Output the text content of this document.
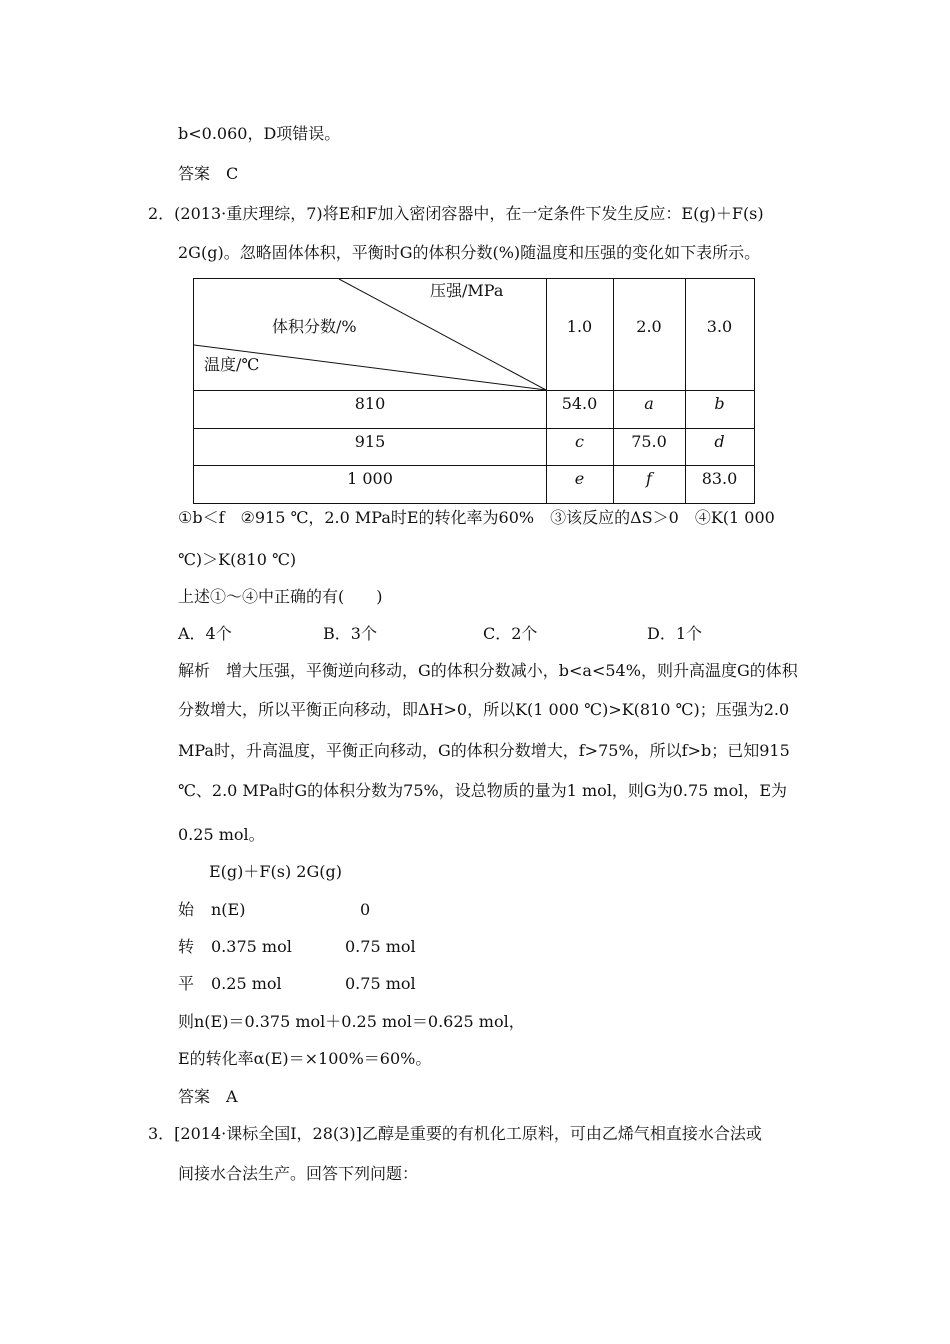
b<0.060，D项错误。
答案　C
2．(2013·重庆理综，7)将E和F加入密闭容器中，在一定条件下发生反应：E(g)＋F(s)
2G(g)。忽略固体体积，平衡时G的体积分数(%)随温度和压强的变化如下表所示。
压强/MPa
体积分数/%
温度/℃
1.0	2.0	3.0
810	54.0	a	b
915	c	75.0	d
1 000	e	f	83.0
①b＜f　②915 ℃，2.0 MPa时E的转化率为60%　③该反应的ΔS＞0　④K(1 000
℃)＞K(810 ℃)
上述①～④中正确的有(　　)
A．4个	B．3个	C．2个	D．1个
解析　增大压强，平衡逆向移动，G的体积分数减小，b<a<54%，则升高温度G的体积
分数增大，所以平衡正向移动，即ΔH>0，所以K(1 000 ℃)>K(810 ℃)；压强为2.0
MPa时，升高温度，平衡正向移动，G的体积分数增大，f>75%，所以f>b；已知915
℃、2.0 MPa时G的体积分数为75%，设总物质的量为1 mol，则G为0.75 mol，E为
0.25 mol。
E(g)＋F(s) 2G(g)
始 n(E)	0
转 0.375 mol	0.75 mol
平 0.25 mol	0.75 mol
则n(E)＝0.375 mol＋0.25 mol＝0.625 mol，
E的转化率α(E)＝×100%＝60%。
答案　A
3．[2014·课标全国Ⅰ，28(3)]乙醇是重要的有机化工原料，可由乙烯气相直接水合法或
间接水合法生产。回答下列问题：
